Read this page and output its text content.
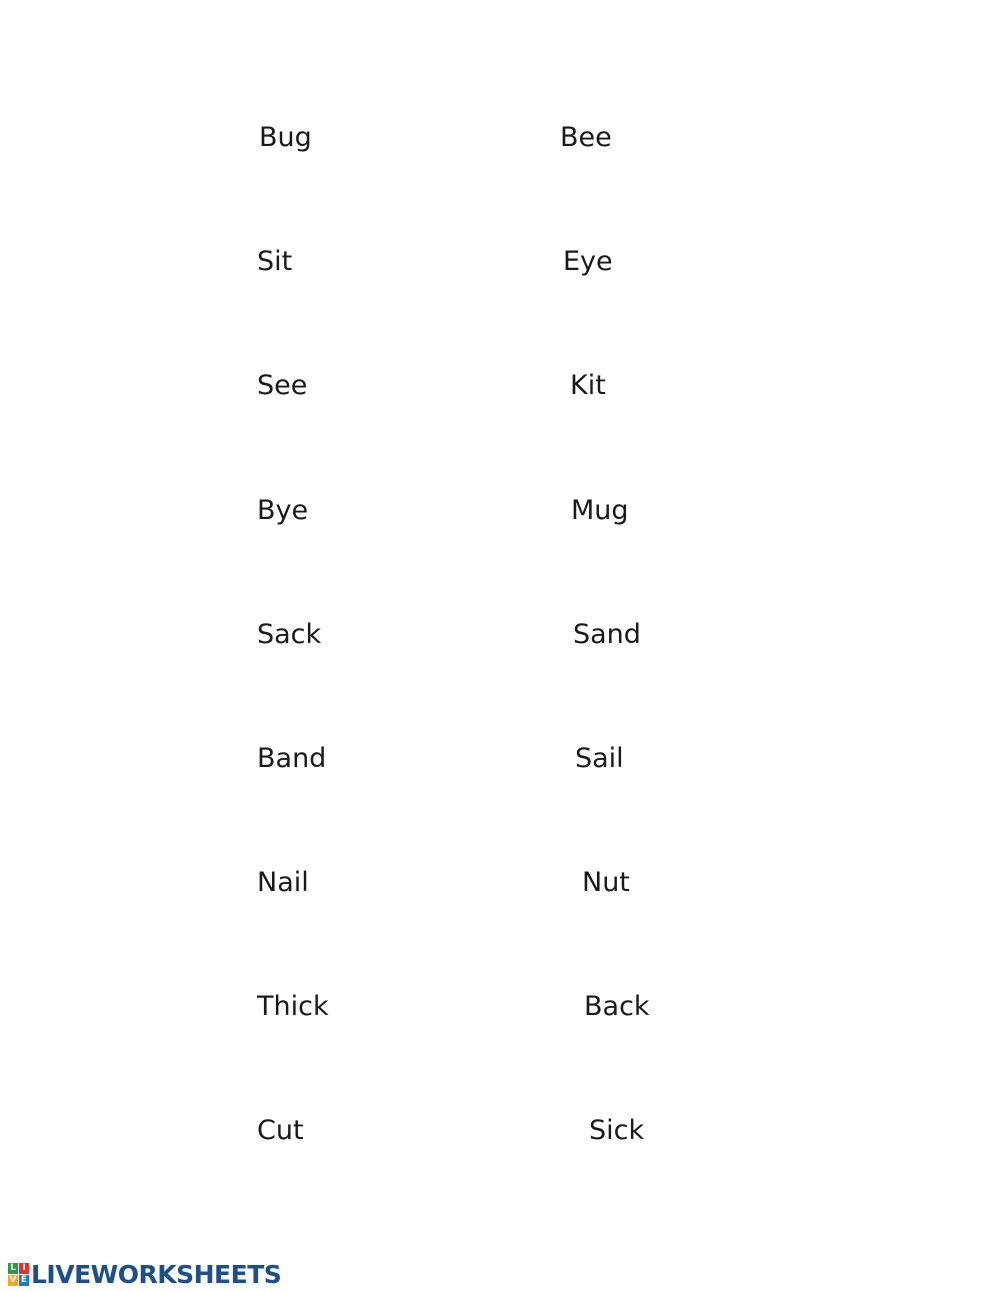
Bug
Sit
See
Bye
Sack
Band
Nail
Thick
Cut
Bee
Eye
Kit
Mug
Sand
Sail
Nut
Back
Sick
L I
V E LIVEWORKSHEETS
